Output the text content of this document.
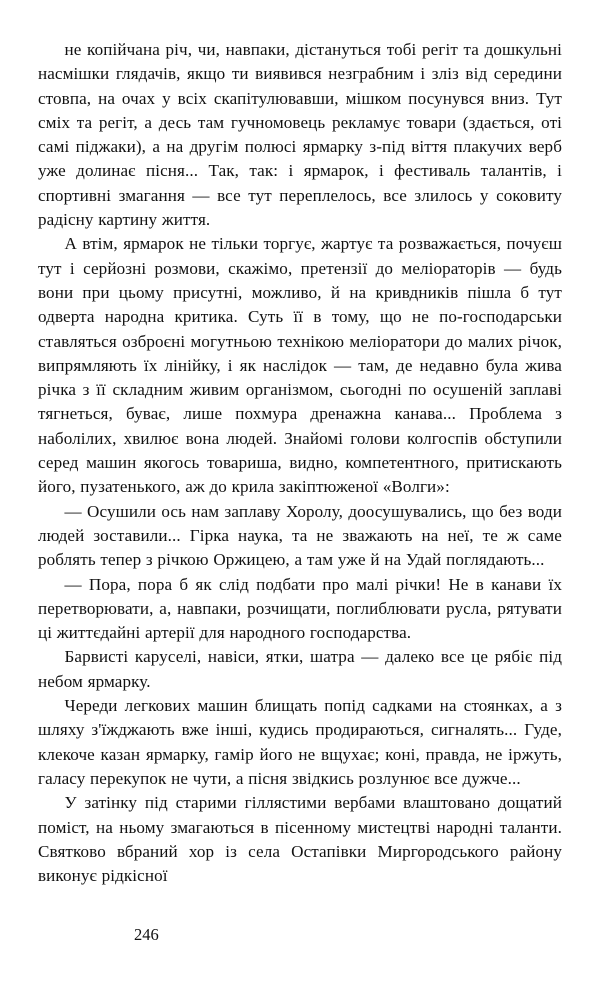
не копійчана річ, чи, навпаки, дістануться тобі регіт та дошкульні насмішки глядачів, якщо ти виявився незграбним і зліз від середини стовпа, на очах у всіх скапітулювавши, мішком посунувся вниз. Тут сміх та регіт, а десь там гучномовець рекламує товари (здається, оті самі піджаки), а на другім полюсі ярмарку з-під віття плакучих верб уже долинає пісня... Так, так: і ярмарок, і фестиваль талантів, і спортивні змагання — все тут переплелось, все злилось у соковиту радісну картину життя.

А втім, ярмарок не тільки торгує, жартує та розважається, почуєш тут і серйозні розмови, скажімо, претензії до меліораторів — будь вони при цьому присутні, можливо, й на кривдників пішла б тут одверта народна критика. Суть її в тому, що не по-господарськи ставляться озброєні могутньою технікою меліоратори до малих річок, випрямляють їх лінійку, і як наслідок — там, де недавно була жива річка з її складним живим організмом, сьогодні по осушеній заплаві тягнеться, буває, лише похмура дренажна канава... Проблема з наболілих, хвилює вона людей. Знайомі голови колгоспів обступили серед машин якогось товариша, видно, компетентного, притискають його, пузатенького, аж до крила закіптюженої «Волги»:

— Осушили ось нам заплаву Хоролу, доосушувались, що без води людей зоставили... Гірка наука, та не зважають на неї, те ж саме роблять тепер з річкою Оржицею, а там уже й на Удай поглядають...

— Пора, пора б як слід подбати про малі річки! Не в канави їх перетворювати, а, навпаки, розчищати, поглиблювати русла, рятувати ці життєдайні артерії для народного господарства.

Барвисті каруселі, навіси, ятки, шатра — далеко все це рябіє під небом ярмарку.

Череди легкових машин блищать попід садками на стоянках, а з шляху з'їжджають вже інші, кудись продираються, сигналять... Гуде, клекоче казан ярмарку, гамір його не вщухає; коні, правда, не іржуть, галасу перекупок не чути, а пісня звідкись розлунює все дужче...

У затінку під старими гіллястими вербами влаштовано дощатий поміст, на ньому змагаються в пісенному мистецтві народні таланти. Святково вбраний хор із села Остапівки Миргородського району виконує рідкісної

246
